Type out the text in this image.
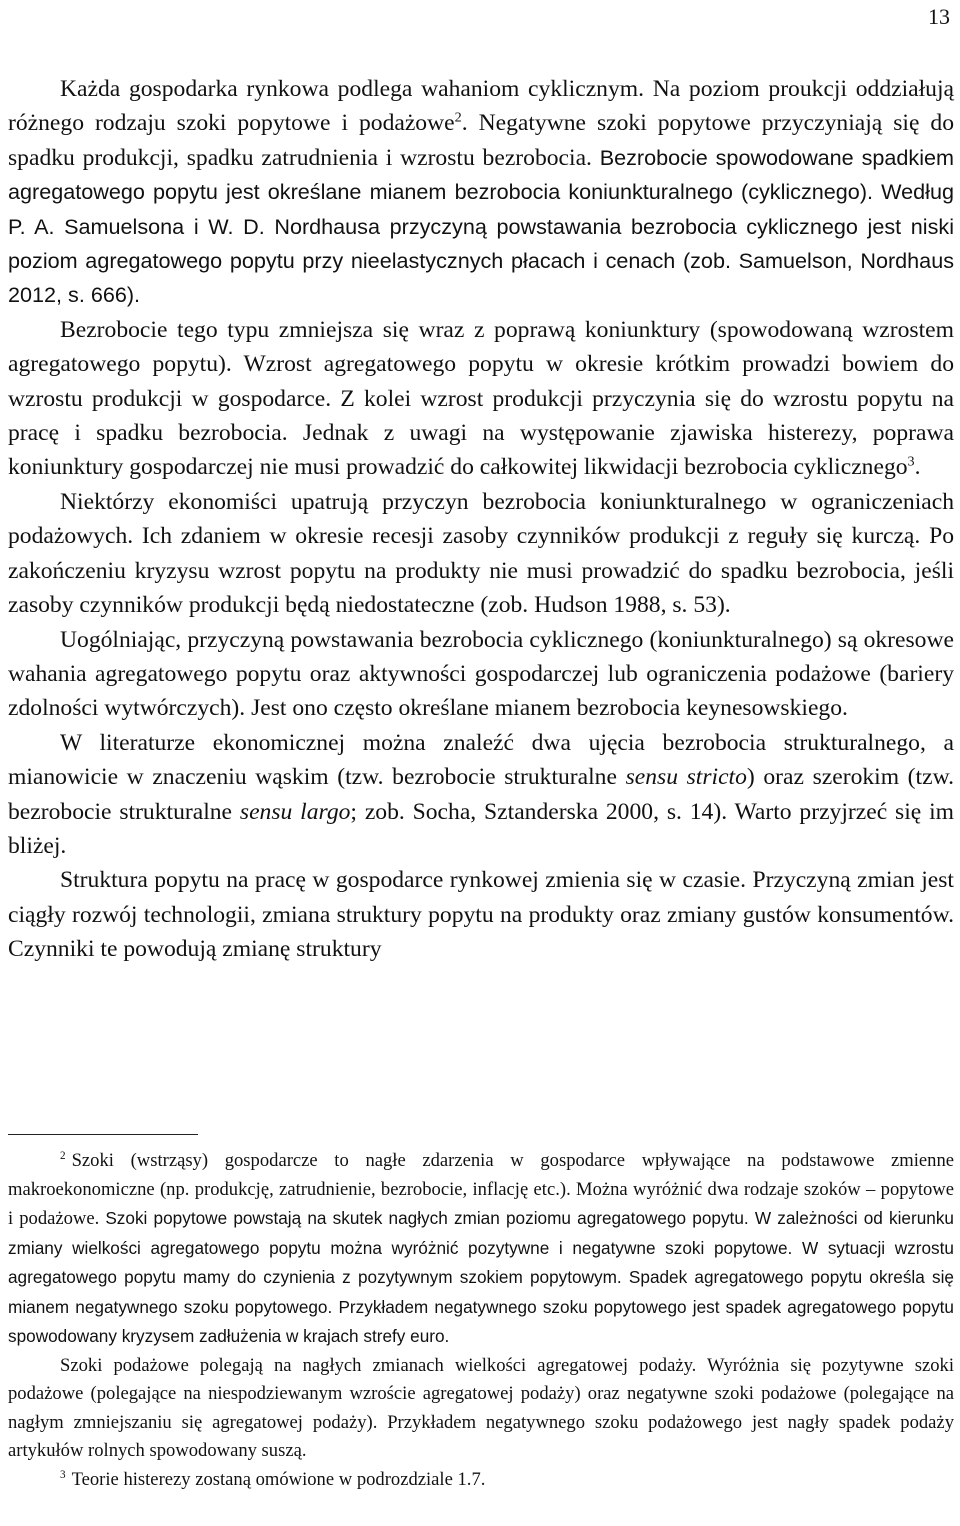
13

Każda gospodarka rynkowa podlega wahaniom cyklicznym. Na poziom proukcji oddziałują różnego rodzaju szoki popytowe i podażowe$^2$. Negatywne szoki popytowe przyczyniają się do spadku produkcji, spadku zatrudnienia i wzrostu bezrobocia. Bezrobocie spowodowane spadkiem agregatowego popytu jest określane mianem bezrobocia koniunkturalnego (cyklicznego). Według P. A. Samuelsona i W. D. Nordhausa przyczyną powstawania bezrobocia cyklicznego jest niski poziom agregatowego popytu przy nieelastycznych płacach i cenach (zob. Samuelson, Nordhaus 2012, s. 666).

Bezrobocie tego typu zmniejsza się wraz z poprawą koniunktury (spowodowaną wzrostem agregatowego popytu). Wzrost agregatowego popytu w okresie krótkim prowadzi bowiem do wzrostu produkcji w gospodarce. Z kolei wzrost produkcji przyczynia się do wzrostu popytu na pracę i spadku bezrobocia. Jednak z uwagi na występowanie zjawiska histerezy, poprawa koniunktury gospodarczej nie musi prowadzić do całkowitej likwidacji bezrobocia cyklicznego$^3$.

Niektórzy ekonomiści upatrują przyczyn bezrobocia koniunkturalnego w ograniczeniach podażowych. Ich zdaniem w okresie recesji zasoby czynników produkcji z reguły się kurczą. Po zakończeniu kryzysu wzrost popytu na produkty nie musi prowadzić do spadku bezrobocia, jeśli zasoby czynników produkcji będą niedostateczne (zob. Hudson 1988, s. 53).

Uogólniając, przyczyną powstawania bezrobocia cyklicznego (koniunkturalnego) są okresowe wahania agregatowego popytu oraz aktywności gospodarczej lub ograniczenia podażowe (bariery zdolności wytwórczych). Jest ono często określane mianem bezrobocia keynesowskiego.

W literaturze ekonomicznej można znaleźć dwa ujęcia bezrobocia strukturalnego, a mianowicie w znaczeniu wąskim (tzw. bezrobocie strukturalne sensu stricto) oraz szerokim (tzw. bezrobocie strukturalne sensu largo; zob. Socha, Sztanderska 2000, s. 14). Warto przyjrzeć się im bliżej.

Struktura popytu na pracę w gospodarce rynkowej zmienia się w czasie. Przyczyną zmian jest ciągły rozwój technologii, zmiana struktury popytu na produkty oraz zmiany gustów konsumentów. Czynniki te powodują zmianę struktury

$^2$ Szoki (wstrząsy) gospodarcze to nagłe zdarzenia w gospodarce wpływające na podstawowe zmienne makroekonomiczne (np. produkcję, zatrudnienie, bezrobocie, inflację etc.). Można wyróżnić dwa rodzaje szoków – popytowe i podażowe. Szoki popytowe powstają na skutek nagłych zmian poziomu agregatowego popytu. W zależności od kierunku zmiany wielkości agregatowego popytu można wyróżnić pozytywne i negatywne szoki popytowe. W sytuacji wzrostu agregatowego popytu mamy do czynienia z pozytywnym szokiem popytowym. Spadek agregatowego popytu określa się mianem negatywnego szoku popytowego. Przykładem negatywnego szoku popytowego jest spadek agregatowego popytu spowodowany kryzysem zadłużenia w krajach strefy euro.

Szoki podażowe polegają na nagłych zmianach wielkości agregatowej podaży. Wyróżnia się pozytywne szoki podażowe (polegające na niespodziewanym wzroście agregatowej podaży) oraz negatywne szoki podażowe (polegające na nagłym zmniejszaniu się agregatowej podaży). Przykładem negatywnego szoku podażowego jest nagły spadek podaży artykułów rolnych spowodowany suszą.

$^3$ Teorie histerezy zostaną omówione w podrozdziale 1.7.
